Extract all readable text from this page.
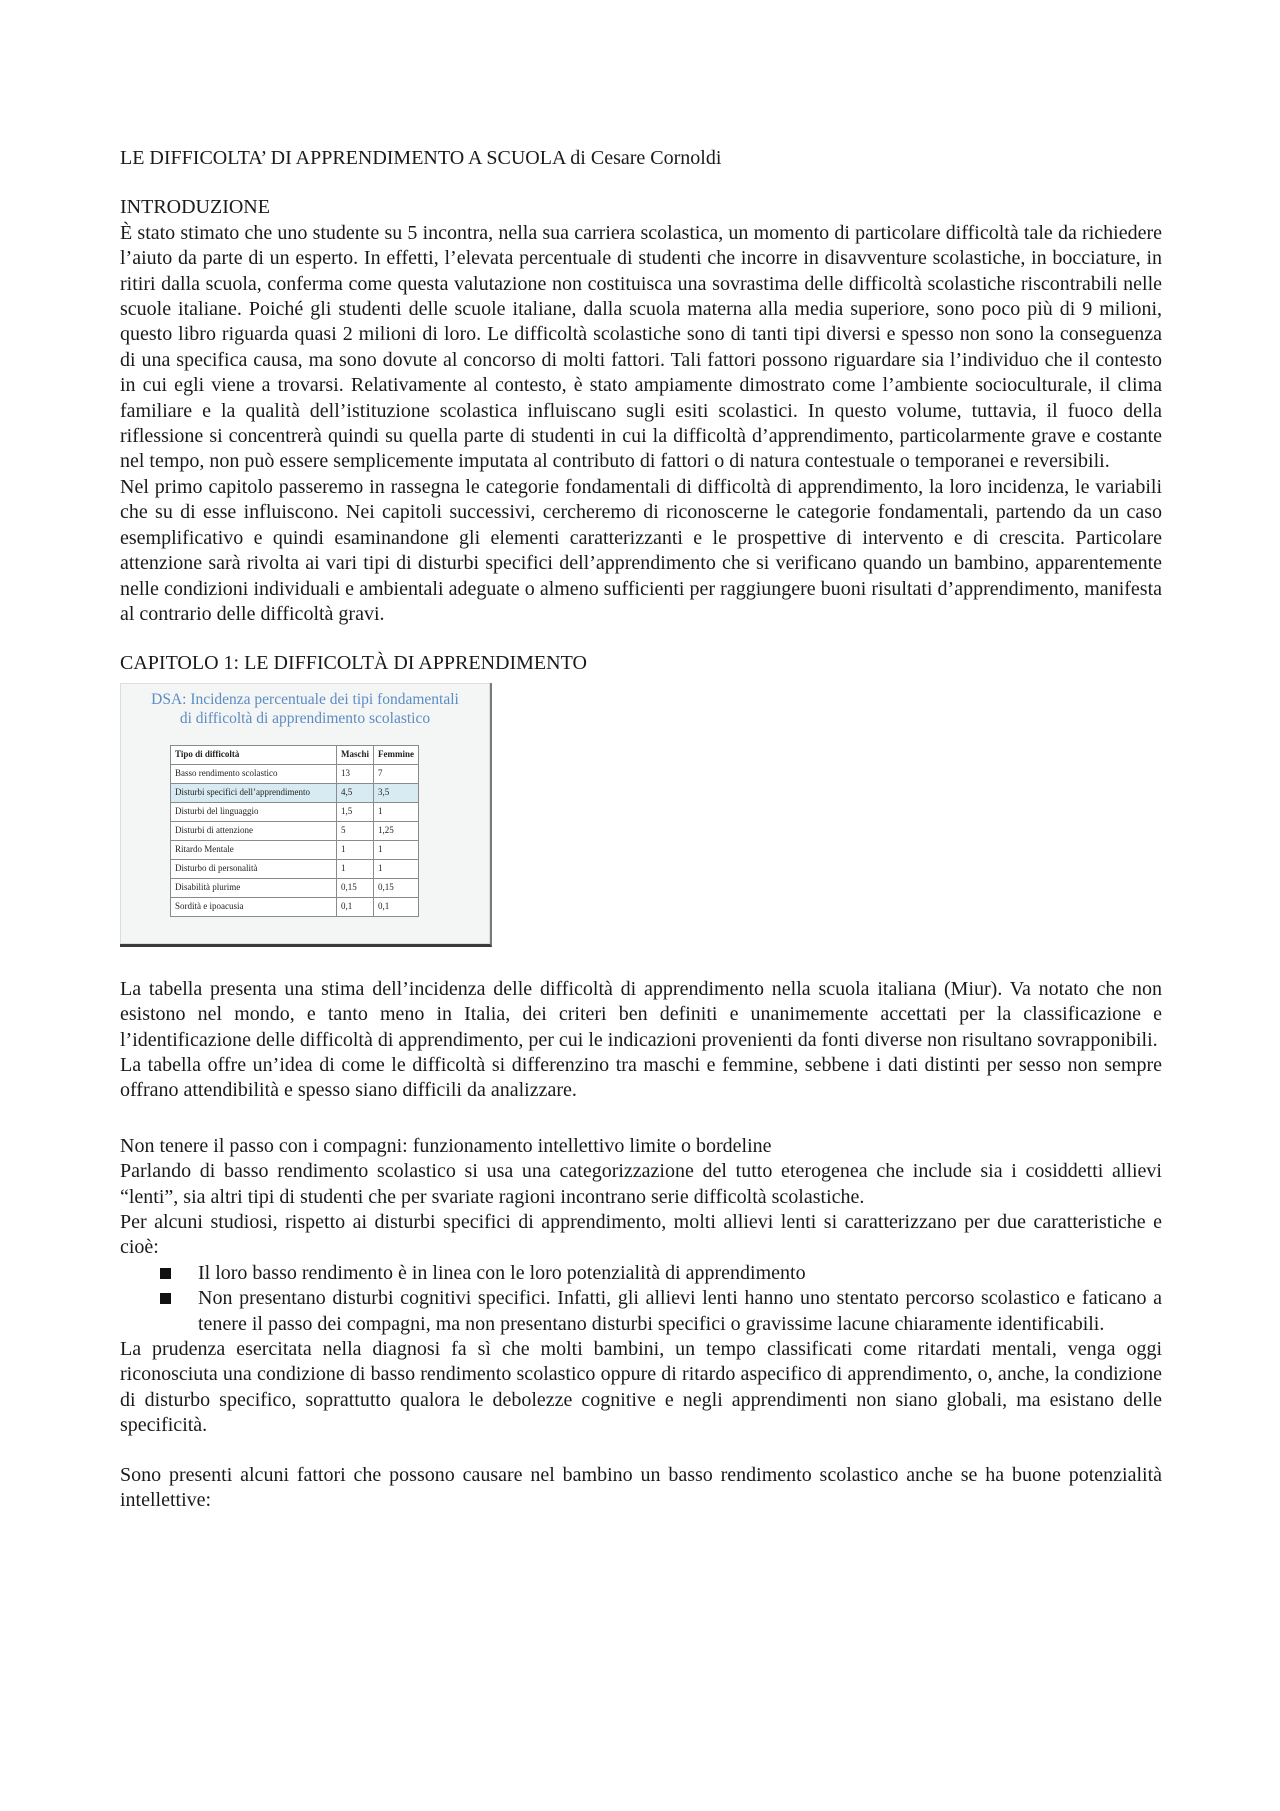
LE DIFFICOLTA’ DI APPRENDIMENTO A SCUOLA di Cesare Cornoldi

INTRODUZIONE

È stato stimato che uno studente su 5 incontra, nella sua carriera scolastica, un momento di particolare difficoltà tale da richiedere l’aiuto da parte di un esperto. In effetti, l’elevata percentuale di studenti che incorre in disavventure scolastiche, in bocciature, in ritiri dalla scuola, conferma come questa valutazione non costituisca una sovrastima delle difficoltà scolastiche riscontrabili nelle scuole italiane. Poiché gli studenti delle scuole italiane, dalla scuola materna alla media superiore, sono poco più di 9 milioni, questo libro riguarda quasi 2 milioni di loro. Le difficoltà scolastiche sono di tanti tipi diversi e spesso non sono la conseguenza di una specifica causa, ma sono dovute al concorso di molti fattori. Tali fattori possono riguardare sia l’individuo che il contesto in cui egli viene a trovarsi. Relativamente al contesto, è stato ampiamente dimostrato come l’ambiente socioculturale, il clima familiare e la qualità dell’istituzione scolastica influiscano sugli esiti scolastici. In questo volume, tuttavia, il fuoco della riflessione si concentrerà quindi su quella parte di studenti in cui la difficoltà d’apprendimento, particolarmente grave e costante nel tempo, non può essere semplicemente imputata al contributo di fattori o di natura contestuale o temporanei e reversibili.

Nel primo capitolo passeremo in rassegna le categorie fondamentali di difficoltà di apprendimento, la loro incidenza, le variabili che su di esse influiscono. Nei capitoli successivi, cercheremo di riconoscerne le categorie fondamentali, partendo da un caso esemplificativo e quindi esaminandone gli elementi caratterizzanti e le prospettive di intervento e di crescita. Particolare attenzione sarà rivolta ai vari tipi di disturbi specifici dell’apprendimento che si verificano quando un bambino, apparentemente nelle condizioni individuali e ambientali adeguate o almeno sufficienti per raggiungere buoni risultati d’apprendimento, manifesta al contrario delle difficoltà gravi.

CAPITOLO 1: LE DIFFICOLTÀ DI APPRENDIMENTO

DSA: Incidenza percentuale dei tipi fondamentali
di difficoltà di apprendimento scolastico
Tipo di difficoltà	Maschi	Femmine
Basso rendimento scolastico	13	7
Disturbi specifici dell’apprendimento	4,5	3,5
Disturbi del linguaggio	1,5	1
Disturbi di attenzione	5	1,25
Ritardo Mentale	1	1
Disturbo di personalità	1	1
Disabilità plurime	0,15	0,15
Sordità e ipoacusia	0,1	0,1

La tabella presenta una stima dell’incidenza delle difficoltà di apprendimento nella scuola italiana (Miur). Va notato che non esistono nel mondo, e tanto meno in Italia, dei criteri ben definiti e unanimemente accettati per la classificazione e l’identificazione delle difficoltà di apprendimento, per cui le indicazioni provenienti da fonti diverse non risultano sovrapponibili.

La tabella offre un’idea di come le difficoltà si differenzino tra maschi e femmine, sebbene i dati distinti per sesso non sempre offrano attendibilità e spesso siano difficili da analizzare.

Non tenere il passo con i compagni: funzionamento intellettivo limite o bordeline

Parlando di basso rendimento scolastico si usa una categorizzazione del tutto eterogenea che include sia i cosiddetti allievi “lenti”, sia altri tipi di studenti che per svariate ragioni incontrano serie difficoltà scolastiche.

Per alcuni studiosi, rispetto ai disturbi specifici di apprendimento, molti allievi lenti si caratterizzano per due caratteristiche e cioè:

Il loro basso rendimento è in linea con le loro potenzialità di apprendimento
Non presentano disturbi cognitivi specifici. Infatti, gli allievi lenti hanno uno stentato percorso scolastico e faticano a tenere il passo dei compagni, ma non presentano disturbi specifici o gravissime lacune chiaramente identificabili.

La prudenza esercitata nella diagnosi fa sì che molti bambini, un tempo classificati come ritardati mentali, venga oggi riconosciuta una condizione di basso rendimento scolastico oppure di ritardo aspecifico di apprendimento, o, anche, la condizione di disturbo specifico, soprattutto qualora le debolezze cognitive e negli apprendimenti non siano globali, ma esistano delle specificità.

Sono presenti alcuni fattori che possono causare nel bambino un basso rendimento scolastico anche se ha buone potenzialità intellettive:
